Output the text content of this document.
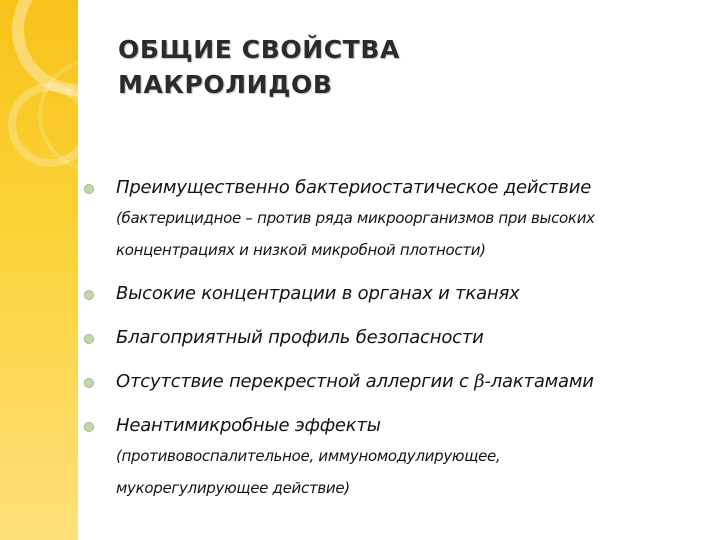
ОБЩИЕ СВОЙСТВА
МАКРОЛИДОВ
Преимущественно бактериостатическое действие
(бактерицидное – против ряда микроорганизмов при высоких
концентрациях и низкой микробной плотности)
Высокие концентрации в органах и тканях
Благоприятный профиль безопасности
Отсутствие перекрестной аллергии с β-лактамами
Неантимикробные эффекты
(противовоспалительное, иммуномодулирующее,
мукорегулирующее действие)
